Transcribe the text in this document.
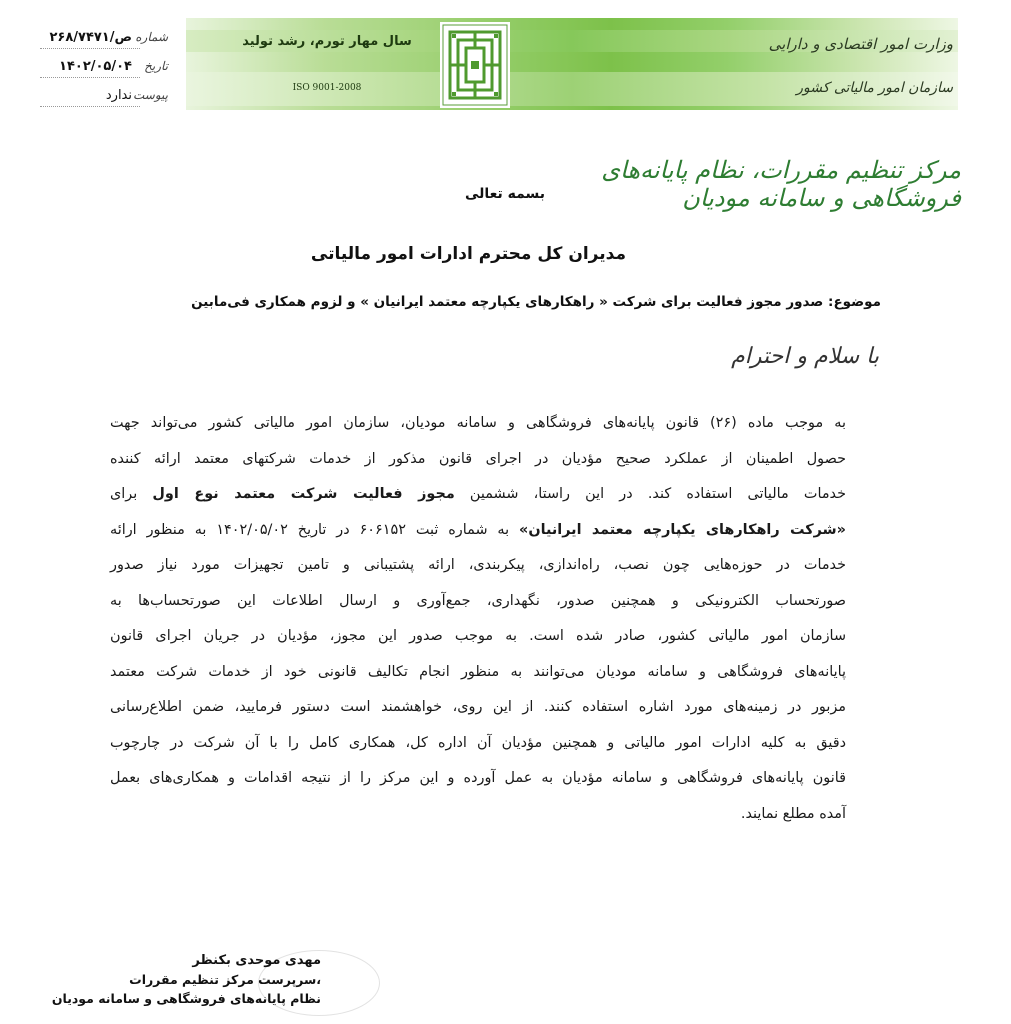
وزارت امور اقتصادی و دارایی
سازمان امور مالیاتی کشور
سال مهار تورم، رشد تولید
ISO 9001-2008
شماره
۲۶۸/۷۴۷۱/ص
تاریخ
۱۴۰۲/۰۵/۰۴
پیوست
ندارد
مرکز تنظیم مقررات، نظام پایانه‌های فروشگاهی و سامانه مودیان
بسمه تعالی
مدیران کل محترم ادارات امور مالیاتی
موضوع: صدور مجوز فعالیت برای شرکت « راهکارهای یکپارچه معتمد ایرانیان » و لزوم همکاری فی‌مابین
با سلام و احترام
به موجب ماده (۲۶) قانون پایانه‌های فروشگاهی و سامانه مودیان، سازمان امور مالیاتی کشور می‌تواند جهت حصول اطمینان از عملکرد صحیح مؤدیان در اجرای قانون مذکور از خدمات شرکتهای معتمد ارائه کننده خدمات مالیاتی استفاده کند. در این راستا، ششمین مجوز فعالیت شرکت معتمد نوع اول برای «شرکت راهکارهای یکپارچه معتمد ایرانیان» به شماره ثبت ۶۰۶۱۵۲ در تاریخ ۱۴۰۲/۰۵/۰۲ به منظور ارائه خدمات در حوزه‌هایی چون نصب، راه‌اندازی، پیکربندی، ارائه پشتیبانی و تامین تجهیزات مورد نیاز صدور صورتحساب الکترونیکی و همچنین صدور، نگهداری، جمع‌آوری و ارسال اطلاعات این صورتحساب‌ها به سازمان امور مالیاتی کشور، صادر شده است. به موجب صدور این مجوز، مؤدیان در جریان اجرای قانون پایانه‌های فروشگاهی و سامانه مودیان می‌توانند به منظور انجام تکالیف قانونی خود از خدمات شرکت معتمد مزبور در زمینه‌های مورد اشاره استفاده کنند. از این روی، خواهشمند است دستور فرمایید، ضمن اطلاع‌رسانی دقیق به کلیه ادارات امور مالیاتی و همچنین مؤدیان آن اداره کل، همکاری کامل را با آن شرکت در چارچوب قانون پایانه‌های فروشگاهی و سامانه مؤدیان به عمل آورده و این مرکز را از نتیجه اقدامات و همکاری‌های بعمل آمده مطلع نمایند.
مهدی موحدی بکنظر
سرپرست مرکز تنظیم مقررات،
نظام پایانه‌های فروشگاهی و سامانه مودیان
